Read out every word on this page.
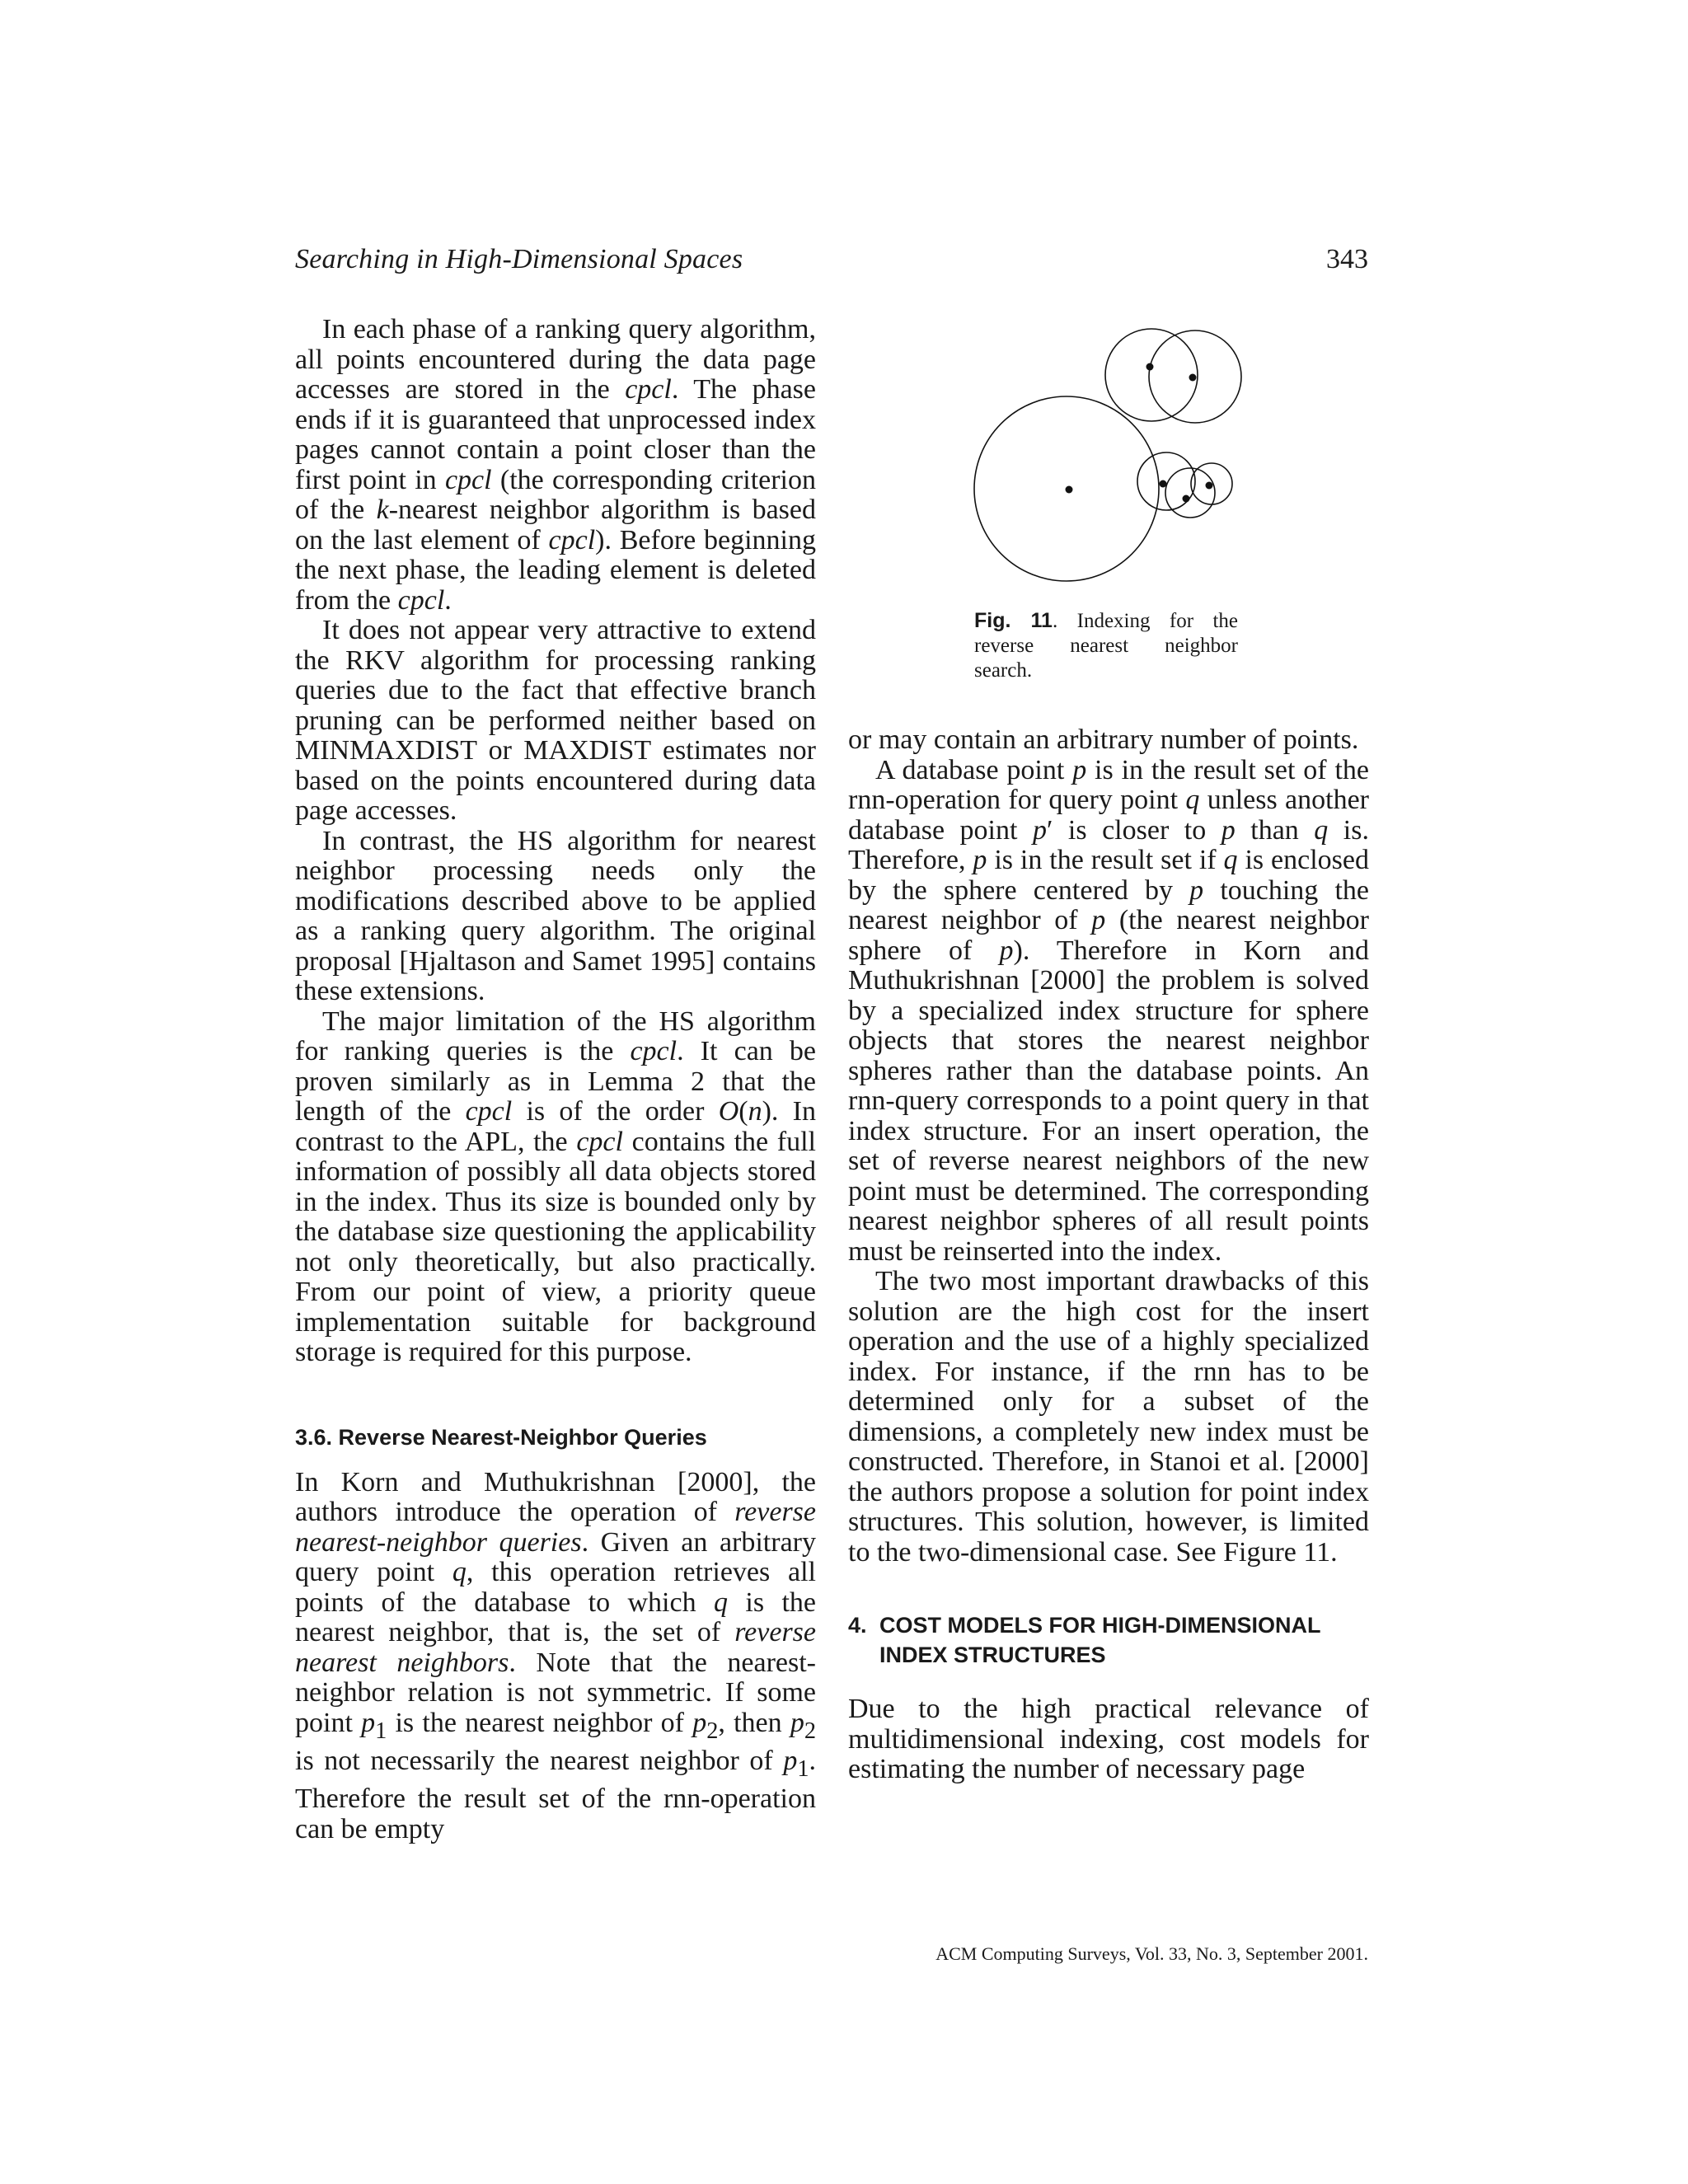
Searching in High-Dimensional Spaces	343

In each phase of a ranking query algorithm, all points encountered during the data page accesses are stored in the cpcl. The phase ends if it is guaranteed that unprocessed index pages cannot contain a point closer than the first point in cpcl (the corresponding criterion of the k-nearest neighbor algorithm is based on the last element of cpcl). Before beginning the next phase, the leading element is deleted from the cpcl.

It does not appear very attractive to extend the RKV algorithm for processing ranking queries due to the fact that effective branch pruning can be performed neither based on MINMAXDIST or MAXDIST estimates nor based on the points encountered during data page accesses.

In contrast, the HS algorithm for nearest neighbor processing needs only the modifications described above to be applied as a ranking query algorithm. The original proposal [Hjaltason and Samet 1995] contains these extensions.

The major limitation of the HS algorithm for ranking queries is the cpcl. It can be proven similarly as in Lemma 2 that the length of the cpcl is of the order O(n). In contrast to the APL, the cpcl contains the full information of possibly all data objects stored in the index. Thus its size is bounded only by the database size questioning the applicability not only theoretically, but also practically. From our point of view, a priority queue implementation suitable for background storage is required for this purpose.

3.6. Reverse Nearest-Neighbor Queries

In Korn and Muthukrishnan [2000], the authors introduce the operation of reverse nearest-neighbor queries. Given an arbitrary query point q, this operation retrieves all points of the database to which q is the nearest neighbor, that is, the set of reverse nearest neighbors. Note that the nearest-neighbor relation is not symmetric. If some point $p_1$ is the nearest neighbor of $p_2$, then $p_2$ is not necessarily the nearest neighbor of $p_1$. Therefore the result set of the rnn-operation can be empty

Fig. 11. Indexing for the reverse nearest neighbor search.

or may contain an arbitrary number of points.

A database point p is in the result set of the rnn-operation for query point q unless another database point p′ is closer to p than q is. Therefore, p is in the result set if q is enclosed by the sphere centered by p touching the nearest neighbor of p (the nearest neighbor sphere of p). Therefore in Korn and Muthukrishnan [2000] the problem is solved by a specialized index structure for sphere objects that stores the nearest neighbor spheres rather than the database points. An rnn-query corresponds to a point query in that index structure. For an insert operation, the set of reverse nearest neighbors of the new point must be determined. The corresponding nearest neighbor spheres of all result points must be reinserted into the index.

The two most important drawbacks of this solution are the high cost for the insert operation and the use of a highly specialized index. For instance, if the rnn has to be determined only for a subset of the dimensions, a completely new index must be constructed. Therefore, in Stanoi et al. [2000] the authors propose a solution for point index structures. This solution, however, is limited to the two-dimensional case. See Figure 11.

4. COST MODELS FOR HIGH-DIMENSIONAL INDEX STRUCTURES

Due to the high practical relevance of multidimensional indexing, cost models for estimating the number of necessary page

ACM Computing Surveys, Vol. 33, No. 3, September 2001.
